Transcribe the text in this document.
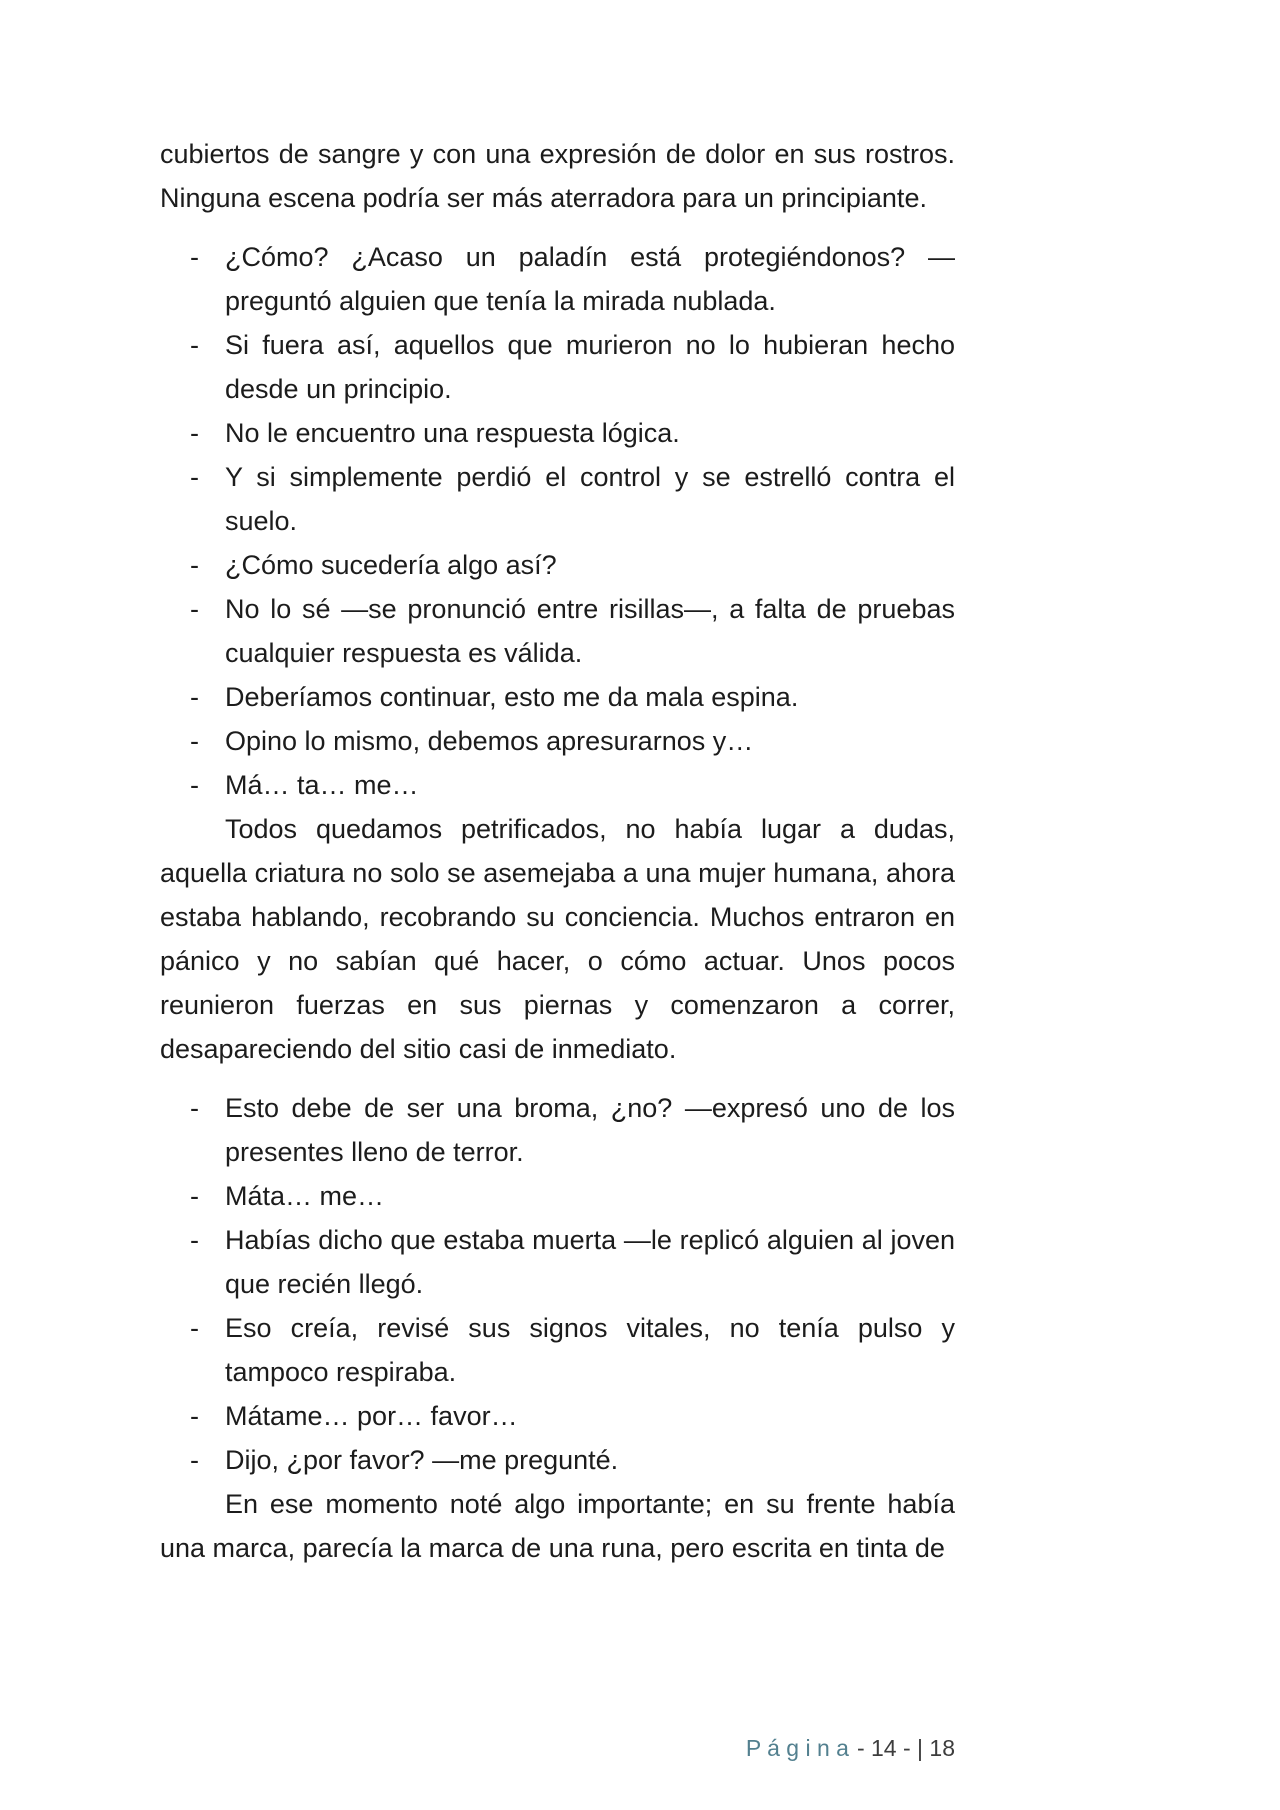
cubiertos de sangre y con una expresión de dolor en sus rostros. Ninguna escena podría ser más aterradora para un principiante.

- ¿Cómo? ¿Acaso un paladín está protegiéndonos? — preguntó alguien que tenía la mirada nublada.
- Si fuera así, aquellos que murieron no lo hubieran hecho desde un principio.
- No le encuentro una respuesta lógica.
- Y si simplemente perdió el control y se estrelló contra el suelo.
- ¿Cómo sucedería algo así?
- No lo sé —se pronunció entre risillas—, a falta de pruebas cualquier respuesta es válida.
- Deberíamos continuar, esto me da mala espina.
- Opino lo mismo, debemos apresurarnos y…
- Má… ta… me…

Todos quedamos petrificados, no había lugar a dudas, aquella criatura no solo se asemejaba a una mujer humana, ahora estaba hablando, recobrando su conciencia. Muchos entraron en pánico y no sabían qué hacer, o cómo actuar. Unos pocos reunieron fuerzas en sus piernas y comenzaron a correr, desapareciendo del sitio casi de inmediato.

- Esto debe de ser una broma, ¿no? —expresó uno de los presentes lleno de terror.
- Máta… me…
- Habías dicho que estaba muerta —le replicó alguien al joven que recién llegó.
- Eso creía, revisé sus signos vitales, no tenía pulso y tampoco respiraba.
- Mátame… por… favor…
- Dijo, ¿por favor? —me pregunté.

En ese momento noté algo importante; en su frente había una marca, parecía la marca de una runa, pero escrita en tinta de

P á g i n a - 14 - | 18
